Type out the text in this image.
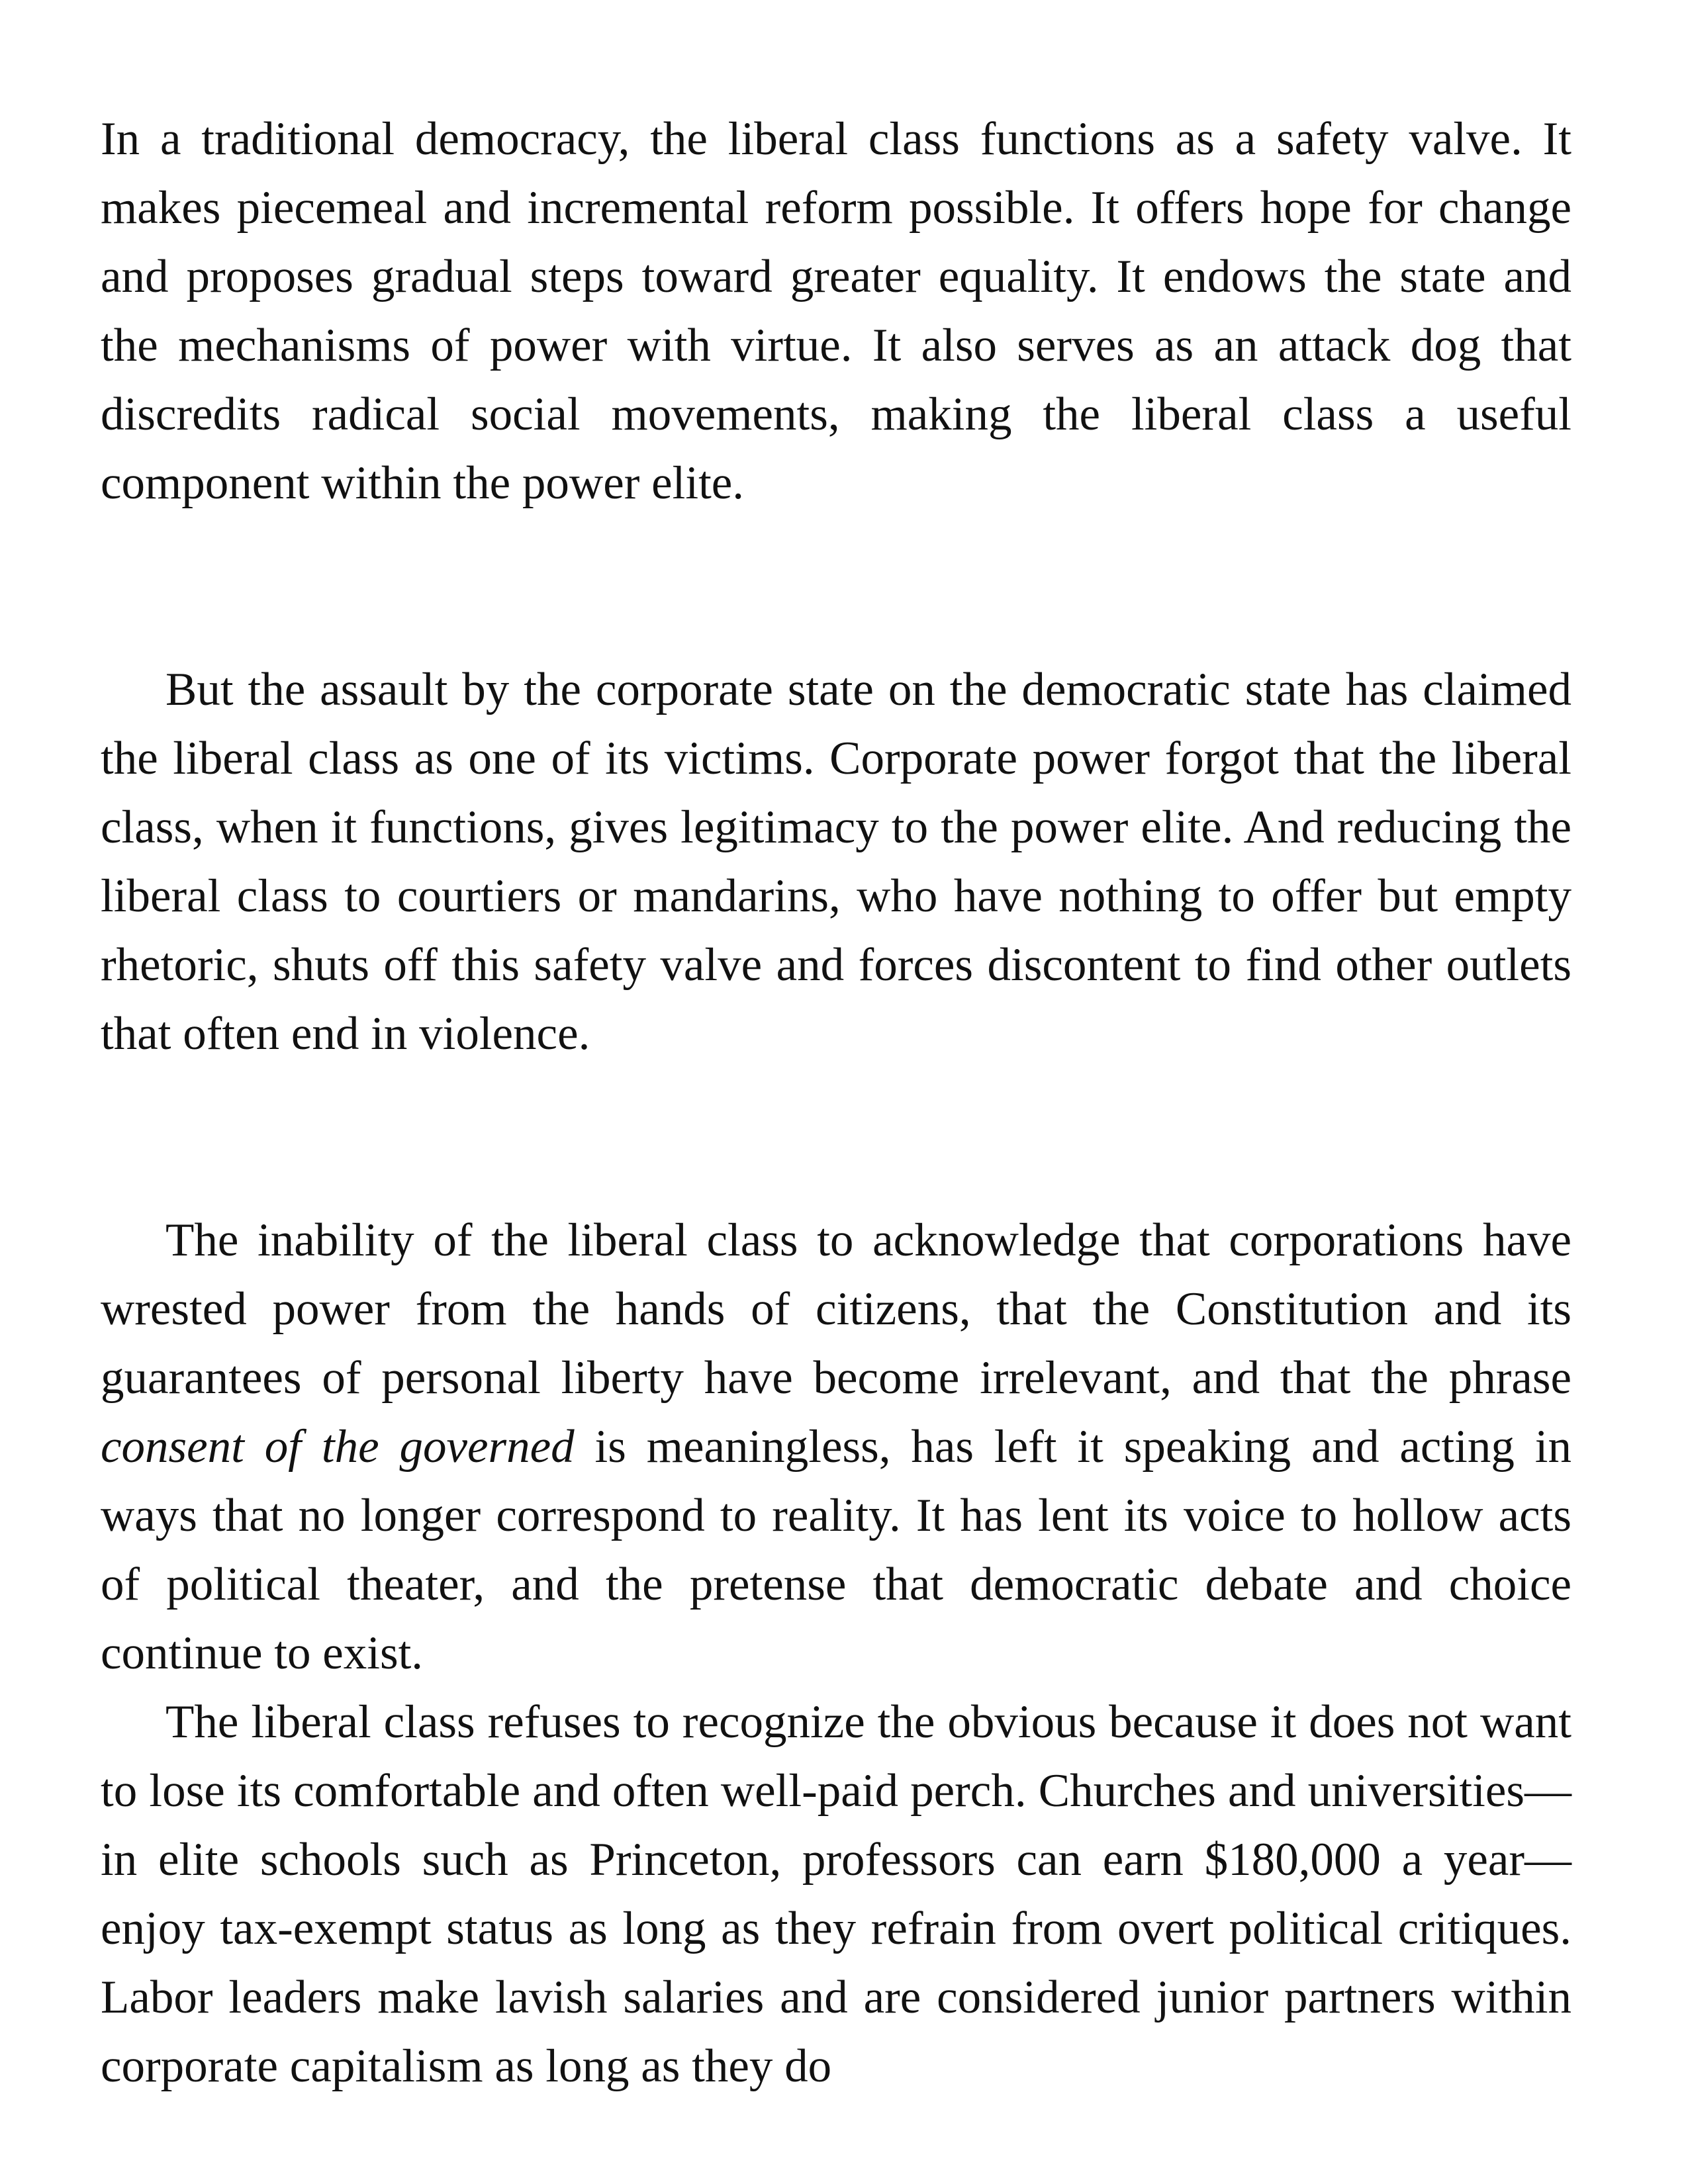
In a traditional democracy, the liberal class functions as a safety valve. It makes piecemeal and incremental reform possible. It offers hope for change and proposes gradual steps toward greater equality. It endows the state and the mechanisms of power with virtue. It also serves as an attack dog that discredits radical social movements, making the liberal class a useful component within the power elite.

But the assault by the corporate state on the democratic state has claimed the liberal class as one of its victims. Corporate power forgot that the liberal class, when it functions, gives legitimacy to the power elite. And reducing the liberal class to courtiers or mandarins, who have nothing to offer but empty rhetoric, shuts off this safety valve and forces discontent to find other outlets that often end in violence.

The inability of the liberal class to acknowledge that corporations have wrested power from the hands of citizens, that the Constitution and its guarantees of personal liberty have become irrelevant, and that the phrase consent of the governed is meaningless, has left it speaking and acting in ways that no longer correspond to reality. It has lent its voice to hollow acts of political theater, and the pretense that democratic debate and choice continue to exist.

The liberal class refuses to recognize the obvious because it does not want to lose its comfortable and often well-paid perch. Churches and universities—in elite schools such as Princeton, professors can earn $180,000 a year—enjoy tax-exempt status as long as they refrain from overt political critiques. Labor leaders make lavish salaries and are considered junior partners within corporate capitalism as long as they do
